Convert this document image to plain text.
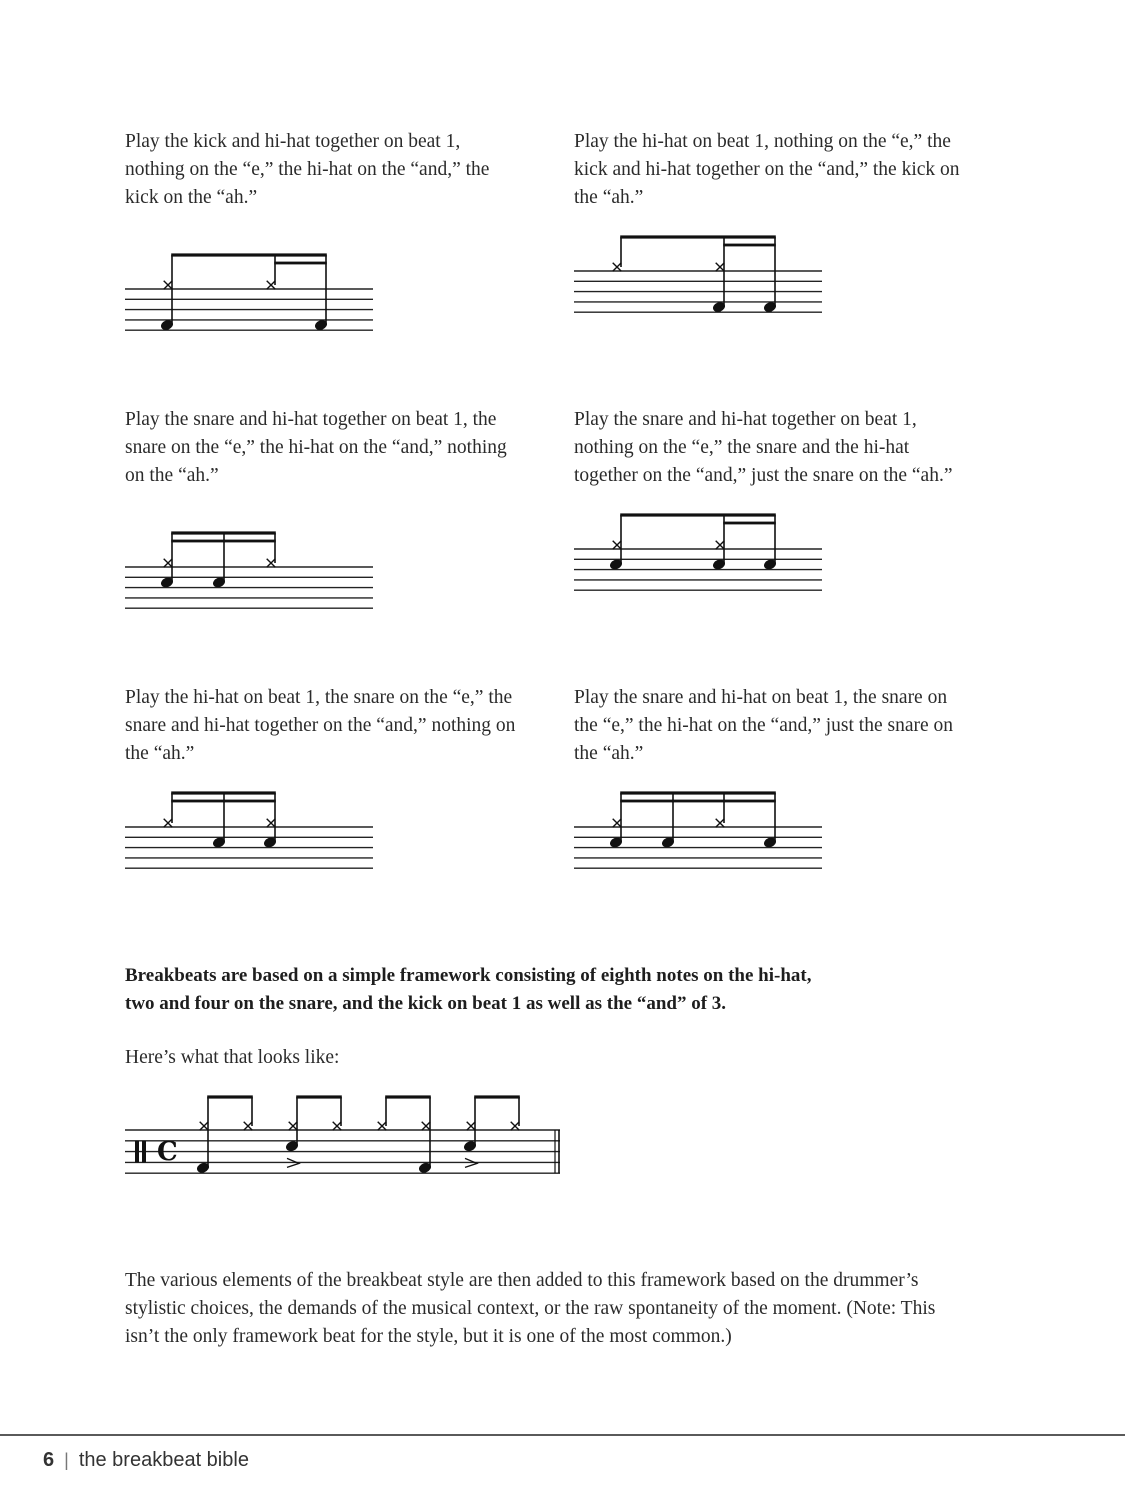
Play the kick and hi-hat together on beat 1,
nothing on the “e,” the hi-hat on the “and,” the
kick on the “ah.”

Play the hi-hat on beat 1, nothing on the “e,” the
kick and hi-hat together on the “and,” the kick on
the “ah.”

Play the snare and hi-hat together on beat 1, the
snare on the “e,” the hi-hat on the “and,” nothing
on the “ah.”

Play the snare and hi-hat together on beat 1,
nothing on the “e,” the snare and the hi-hat
together on the “and,” just the snare on the “ah.”

Play the hi-hat on beat 1, the snare on the “e,” the
snare and hi-hat together on the “and,” nothing on
the “ah.”

Play the snare and hi-hat on beat 1, the snare on
the “e,” the hi-hat on the “and,” just the snare on
the “ah.”

Breakbeats are based on a simple framework consisting of eighth notes on the hi-hat,
two and four on the snare, and the kick on beat 1 as well as the “and” of 3.

Here’s what that looks like:

C

The various elements of the breakbeat style are then added to this framework based on the drummer’s
stylistic choices, the demands of the musical context, or the raw spontaneity of the moment. (Note: This
isn’t the only framework beat for the style, but it is one of the most common.)

6 | the breakbeat bible
